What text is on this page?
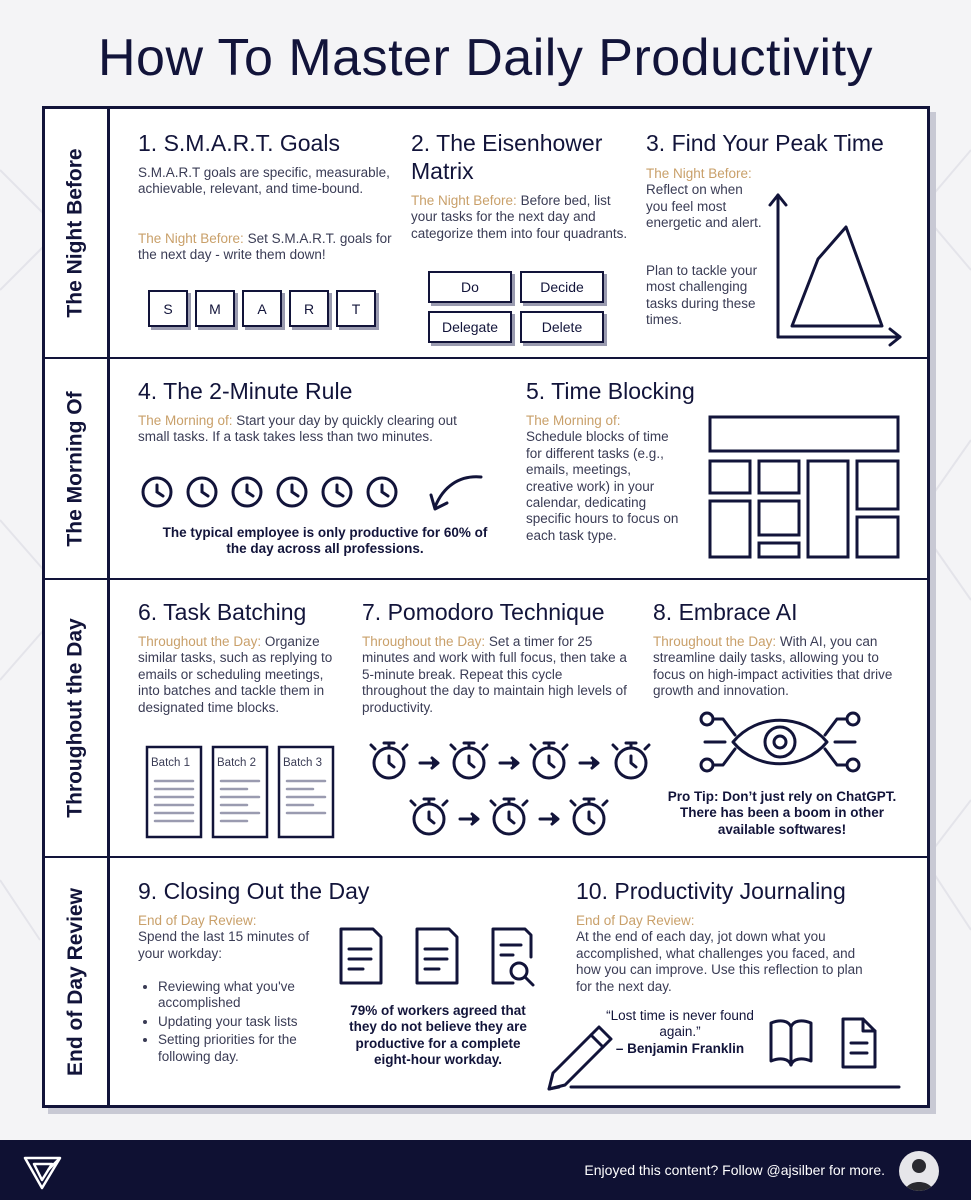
How To Master Daily Productivity
The Night Before
The Morning Of
Throughout the Day
End of Day Review
1. S.M.A.R.T. Goals
S.M.A.R.T goals are specific, measurable, achievable, relevant, and time-bound.
The Night Before: Set S.M.A.R.T. goals for the next day - write them down!
S	M	A	R	T
2. The Eisenhower Matrix
The Night Before: Before bed, list your tasks for the next day and categorize them into four quadrants.
Do	Decide
Delegate	Delete
3. Find Your Peak Time
The Night Before:
Reflect on when you feel most energetic and alert.
Plan to tackle your most challenging tasks during these times.
4. The 2-Minute Rule
The Morning of: Start your day by quickly clearing out small tasks. If a task takes less than two minutes.
The typical employee is only productive for 60% of the day across all professions.
5. Time Blocking
The Morning of:
Schedule blocks of time for different tasks (e.g., emails, meetings, creative work) in your calendar, dedicating specific hours to focus on each task type.
6. Task Batching
Throughout the Day: Organize similar tasks, such as replying to emails or scheduling meetings, into batches and tackle them in designated time blocks.
Batch 1 Batch 2 Batch 3
7. Pomodoro Technique
Throughout the Day: Set a timer for 25 minutes and work with full focus, then take a 5-minute break. Repeat this cycle throughout the day to maintain high levels of productivity.
8. Embrace AI
Throughout the Day: With AI, you can streamline daily tasks, allowing you to focus on high-impact activities that drive growth and innovation.
Pro Tip: Don’t just rely on ChatGPT. There has been a boom in other available softwares!
9. Closing Out the Day
End of Day Review:
Spend the last 15 minutes of your workday:
• Reviewing what you've accomplished
• Updating your task lists
• Setting priorities for the following day.
79% of workers agreed that they do not believe they are productive for a complete eight-hour workday.
10. Productivity Journaling
End of Day Review:
At the end of each day, jot down what you accomplished, what challenges you faced, and how you can improve. Use this reflection to plan for the next day.
“Lost time is never found again.”
– Benjamin Franklin
Enjoyed this content? Follow @ajsilber for more.
